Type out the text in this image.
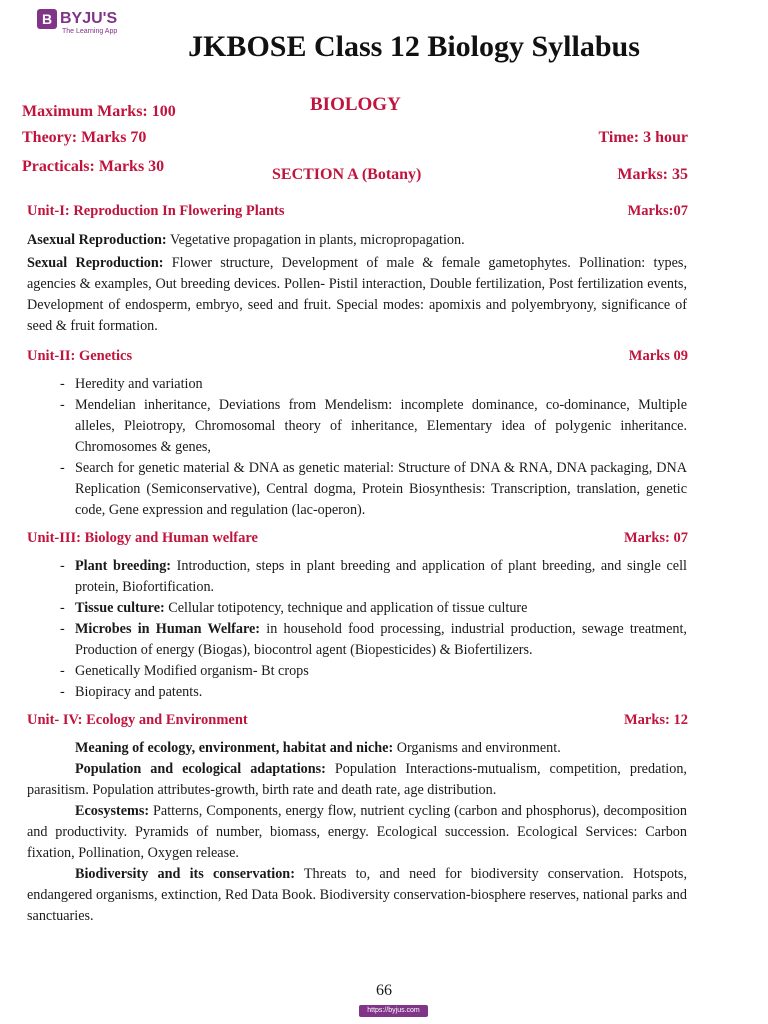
B BYJU'S
The Learning App	JKBOSE Class 12 Biology Syllabus
Maximum Marks: 100	BIOLOGY
Theory: Marks 70	Time: 3 hour
Practicals: Marks 30	SECTION A (Botany)	Marks: 35
Unit-I: Reproduction In Flowering Plants	Marks:07
Asexual Reproduction: Vegetative propagation in plants, micropropagation.
Sexual Reproduction: Flower structure, Development of male & female gametophytes. Pollination: types, agencies & examples, Out breeding devices. Pollen- Pistil interaction, Double fertilization, Post fertilization events, Development of endosperm, embryo, seed and fruit. Special modes: apomixis and polyembryony, significance of seed & fruit formation.
Unit-II: Genetics	Marks 09
- Heredity and variation
- Mendelian inheritance, Deviations from Mendelism: incomplete dominance, co-dominance, Multiple alleles, Pleiotropy, Chromosomal theory of inheritance, Elementary idea of polygenic inheritance. Chromosomes & genes,
- Search for genetic material & DNA as genetic material: Structure of DNA & RNA, DNA packaging, DNA Replication (Semiconservative), Central dogma, Protein Biosynthesis: Transcription, translation, genetic code, Gene expression and regulation (lac-operon).
Unit-III: Biology and Human welfare	Marks: 07
- Plant breeding: Introduction, steps in plant breeding and application of plant breeding, and single cell protein, Biofortification.
- Tissue culture: Cellular totipotency, technique and application of tissue culture
- Microbes in Human Welfare: in household food processing, industrial production, sewage treatment, Production of energy (Biogas), biocontrol agent (Biopesticides) & Biofertilizers.
- Genetically Modified organism- Bt crops
- Biopiracy and patents.
Unit- IV: Ecology and Environment	Marks: 12
Meaning of ecology, environment, habitat and niche: Organisms and environment.
Population and ecological adaptations: Population Interactions-mutualism, competition, predation, parasitism. Population attributes-growth, birth rate and death rate, age distribution.
Ecosystems: Patterns, Components, energy flow, nutrient cycling (carbon and phosphorus), decomposition and productivity. Pyramids of number, biomass, energy. Ecological succession. Ecological Services: Carbon fixation, Pollination, Oxygen release.
Biodiversity and its conservation: Threats to, and need for biodiversity conservation. Hotspots, endangered organisms, extinction, Red Data Book. Biodiversity conservation-biosphere reserves, national parks and sanctuaries.
66
https://byjus.com
